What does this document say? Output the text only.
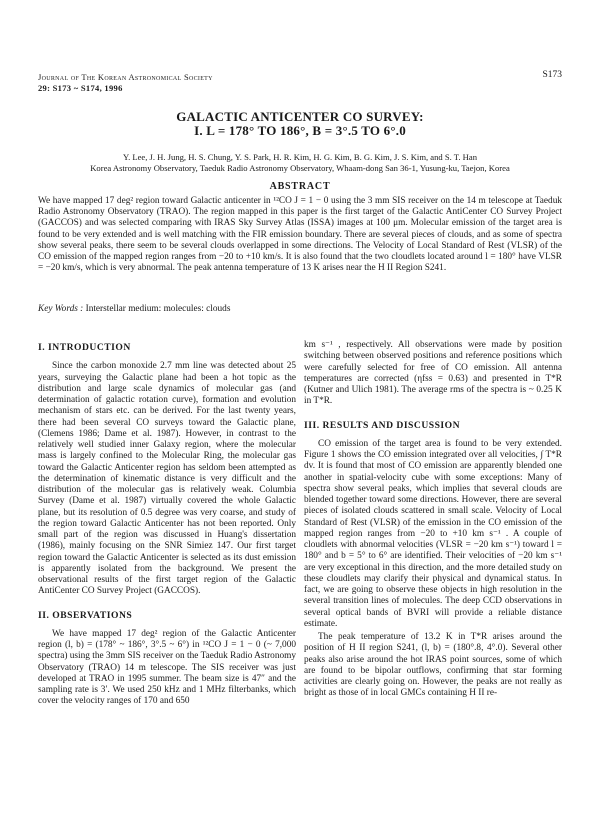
Journal of The Korean Astronomical Society
29: S173 ~ S174, 1996
S173
GALACTIC ANTICENTER CO SURVEY:
I. L = 178° TO 186°, B = 3°.5 TO 6°.0
Y. Lee, J. H. Jung, H. S. Chung, Y. S. Park, H. R. Kim, H. G. Kim, B. G. Kim, J. S. Kim, and S. T. Han
Korea Astronomy Observatory, Taeduk Radio Astronomy Observatory, Whaam-dong San 36-1, Yusung-ku, Taejon, Korea
ABSTRACT
We have mapped 17 deg² region toward Galactic anticenter in ¹²CO J = 1 − 0 using the 3 mm SIS receiver on the 14 m telescope at Taeduk Radio Astronomy Observatory (TRAO). The region mapped in this paper is the first target of the Galactic AntiCenter CO Survey Project (GACCOS) and was selected comparing with IRAS Sky Survey Atlas (ISSA) images at 100 μm. Molecular emission of the target area is found to be very extended and is well matching with the FIR emission boundary. There are several pieces of clouds, and as some of spectra show several peaks, there seem to be several clouds overlapped in some directions. The Velocity of Local Standard of Rest (VLSR) of the CO emission of the mapped region ranges from −20 to +10 km/s. It is also found that the two cloudlets located around l = 180° have VLSR = −20 km/s, which is very abnormal. The peak antenna temperature of 13 K arises near the H II Region S241.
Key Words : Interstellar medium: molecules: clouds
I. INTRODUCTION

Since the carbon monoxide 2.7 mm line was detected about 25 years, surveying the Galactic plane had been a hot topic as the distribution and large scale dynamics of molecular gas (and determination of galactic rotation curve), formation and evolution mechanism of stars etc. can be derived. For the last twenty years, there had been several CO surveys toward the Galactic plane, (Clemens 1986; Dame et al. 1987). However, in contrast to the relatively well studied inner Galaxy region, where the molecular mass is largely confined to the Molecular Ring, the molecular gas toward the Galactic Anticenter region has seldom been attempted as the determination of kinematic distance is very difficult and the distribution of the molecular gas is relatively weak. Columbia Survey (Dame et al. 1987) virtually covered the whole Galactic plane, but its resolution of 0.5 degree was very coarse, and study of the region toward Galactic Anticenter has not been reported. Only small part of the region was discussed in Huang's dissertation (1986), mainly focusing on the SNR Simiez 147. Our first target region toward the Galactic Anticenter is selected as its dust emission is apparently isolated from the background. We present the observational results of the first target region of the Galactic AntiCenter CO Survey Project (GACCOS).

II. OBSERVATIONS

We have mapped 17 deg² region of the Galactic Anticenter region (l, b) = (178° ~ 186°, 3°.5 ~ 6°) in ¹²CO J = 1 − 0 (~ 7,000 spectra) using the 3mm SIS receiver on the Taeduk Radio Astronomy Observatory (TRAO) 14 m telescope. The SIS receiver was just developed at TRAO in 1995 summer. The beam size is 47″ and the sampling rate is 3′. We used 250 kHz and 1 MHz filterbanks, which cover the velocity ranges of 170 and 650

km s⁻¹ , respectively. All observations were made by position switching between observed positions and reference positions which were carefully selected for free of CO emission. All antenna temperatures are corrected (ηfss = 0.63) and presented in T*R (Kutner and Ulich 1981). The average rms of the spectra is ~ 0.25 K in T*R.

III. RESULTS AND DISCUSSION

CO emission of the target area is found to be very extended. Figure 1 shows the CO emission integrated over all velocities, ∫ T*R dv. It is found that most of CO emission are apparently blended one another in spatial-velocity cube with some exceptions: Many of spectra show several peaks, which implies that several clouds are blended together toward some directions. However, there are several pieces of isolated clouds scattered in small scale. Velocity of Local Standard of Rest (VLSR) of the emission in the CO emission of the mapped region ranges from −20 to +10 km s⁻¹ . A couple of cloudlets with abnormal velocities (VLSR = −20 km s⁻¹) toward l = 180° and b = 5° to 6° are identified. Their velocities of −20 km s⁻¹ are very exceptional in this direction, and the more detailed study on these cloudlets may clarify their physical and dynamical status. In fact, we are going to observe these objects in high resolution in the several transition lines of molecules. The deep CCD observations in several optical bands of BVRI will provide a reliable distance estimate.

The peak temperature of 13.2 K in T*R arises around the position of H II region S241, (l, b) = (180°.8, 4°.0). Several other peaks also arise around the hot IRAS point sources, some of which are found to be bipolar outflows, confirming that star forming activities are clearly going on. However, the peaks are not really as bright as those of in local GMCs containing H II re-
